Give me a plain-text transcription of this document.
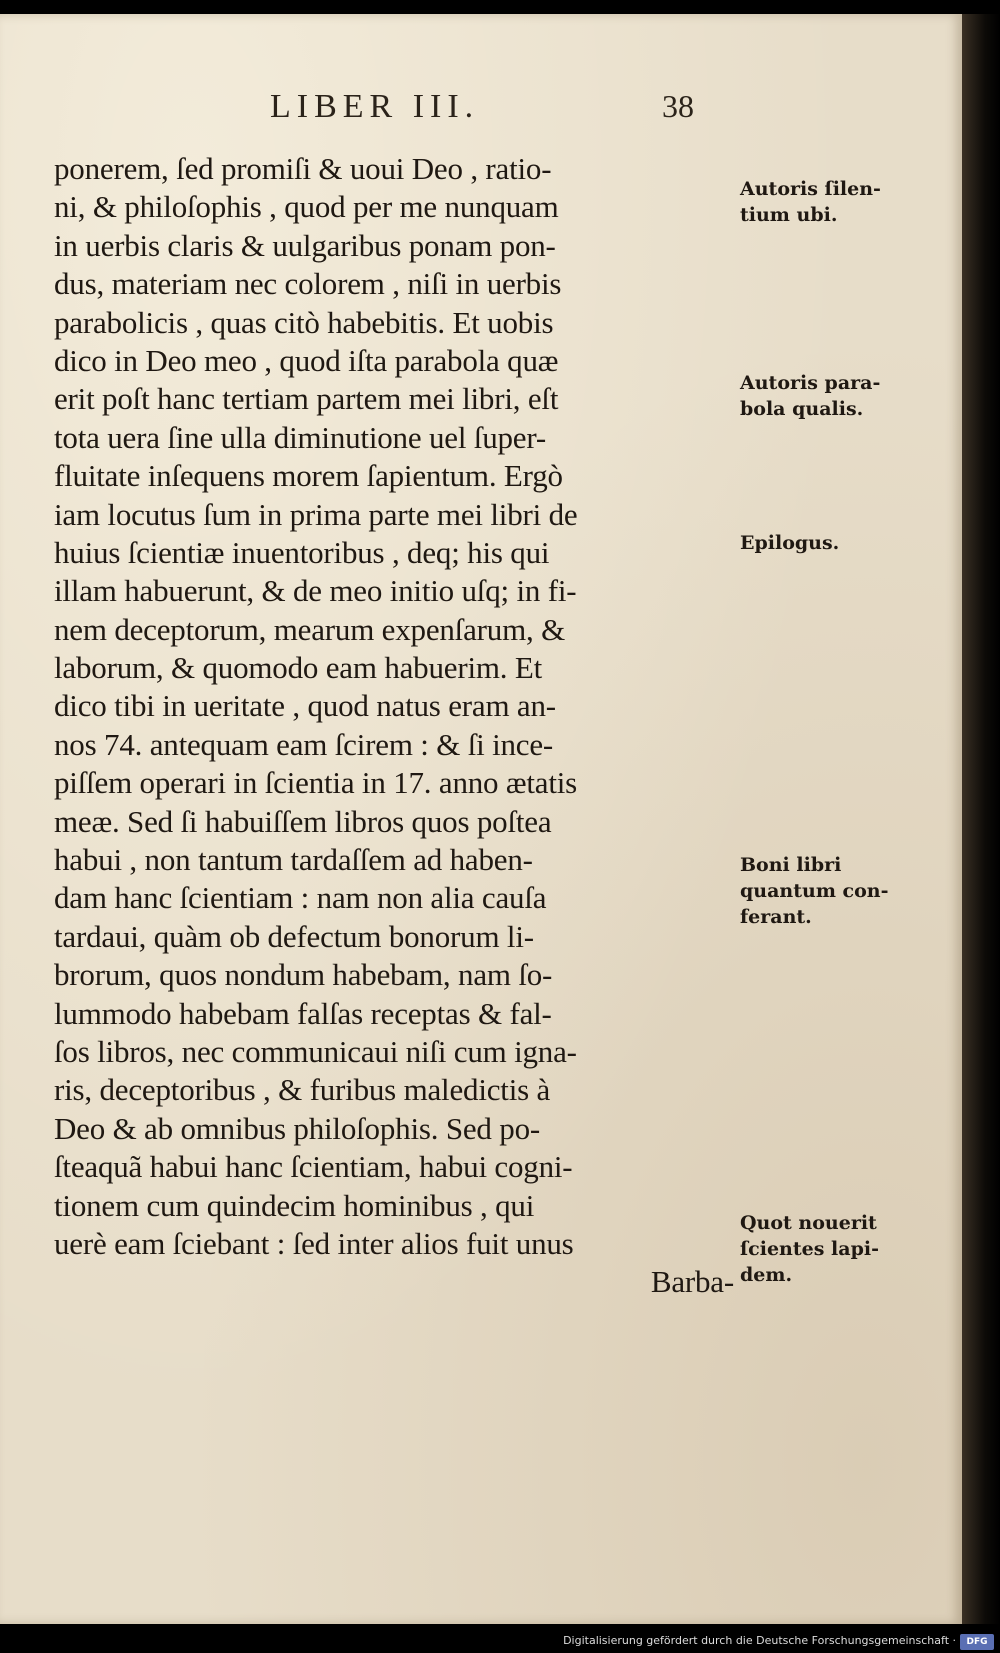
LIBER III.	38
ponerem, ſed promiſi & uoui Deo , ratio-
ni, & philoſophis , quod per me nunquam
in uerbis claris & uulgaribus ponam pon-
dus, materiam nec colorem , niſi in uerbis
parabolicis , quas citò habebitis. Et uobis
dico in Deo meo , quod iſta parabola quæ
erit poſt hanc tertiam partem mei libri, eſt
tota uera ſine ulla diminutione uel ſuper-
fluitate inſequens morem ſapientum. Ergò
iam locutus ſum in prima parte mei libri de
huius ſcientiæ inuentoribus , deq; his qui
illam habuerunt, & de meo initio uſq; in fi-
nem deceptorum, mearum expenſarum, &
laborum, & quomodo eam habuerim. Et
dico tibi in ueritate , quod natus eram an-
nos 74. antequam eam ſcirem : & ſi ince-
piſſem operari in ſcientia in 17. anno ætatis
meæ. Sed ſi habuiſſem libros quos poſtea
habui , non tantum tardaſſem ad haben-
dam hanc ſcientiam : nam non alia cauſa
tardaui, quàm ob defectum bonorum li-
brorum, quos nondum habebam, nam ſo-
lummodo habebam falſas receptas & fal-
ſos libros, nec communicaui niſi cum igna-
ris, deceptoribus , & furibus maledictis à
Deo & ab omnibus philoſophis. Sed po-
ſteaquã habui hanc ſcientiam, habui cogni-
tionem cum quindecim hominibus , qui
uerè eam ſciebant : ſed inter alios fuit unus
Barba-
Autoris ſilen-
tium ubi.
Autoris para-
bola qualis.
Epilogus.
Boni libri
quantum con-
ferant.
Quot nouerit
ſcientes lapi-
dem.
Digitalisierung gefördert durch die Deutsche Forschungsgemeinschaft ·	DFG
